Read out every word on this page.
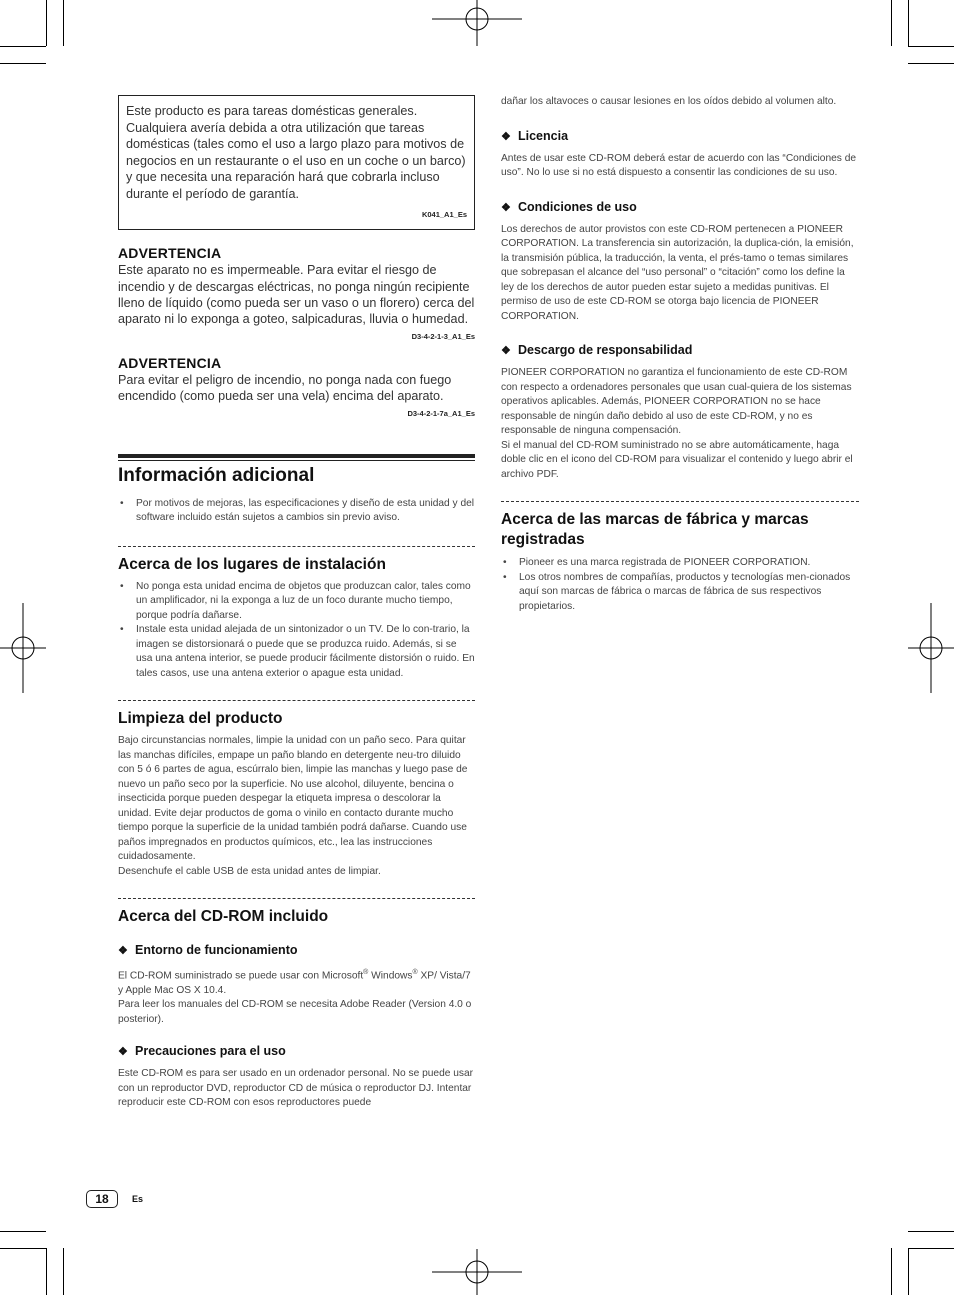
Este producto es para tareas domésticas generales. Cualquiera avería debida a otra utilización que tareas domésticas (tales como el uso a largo plazo para motivos de negocios en un restaurante o el uso en un coche o un barco) y que necesita una reparación hará que cobrarla incluso durante el período de garantía.
K041_A1_Es
ADVERTENCIA
Este aparato no es impermeable. Para evitar el riesgo de incendio y de descargas eléctricas, no ponga ningún recipiente lleno de líquido (como pueda ser un vaso o un florero) cerca del aparato ni lo exponga a goteo, salpicaduras, lluvia o humedad.
D3-4-2-1-3_A1_Es
ADVERTENCIA
Para evitar el peligro de incendio, no ponga nada con fuego encendido (como pueda ser una vela) encima del aparato.
D3-4-2-1-7a_A1_Es
Información adicional
• Por motivos de mejoras, las especificaciones y diseño de esta unidad y del software incluido están sujetos a cambios sin previo aviso.
Acerca de los lugares de instalación
• No ponga esta unidad encima de objetos que produzcan calor, tales como un amplificador, ni la exponga a luz de un foco durante mucho tiempo, porque podría dañarse.
• Instale esta unidad alejada de un sintonizador o un TV. De lo con-trario, la imagen se distorsionará o puede que se produzca ruido. Además, si se usa una antena interior, se puede producir fácilmente distorsión o ruido. En tales casos, use una antena exterior o apague esta unidad.
Limpieza del producto
Bajo circunstancias normales, limpie la unidad con un paño seco. Para quitar las manchas difíciles, empape un paño blando en detergente neu-tro diluido con 5 ó 6 partes de agua, escúrralo bien, limpie las manchas y luego pase de nuevo un paño seco por la superficie. No use alcohol, diluyente, bencina o insecticida porque pueden despegar la etiqueta impresa o descolorar la unidad. Evite dejar productos de goma o vinilo en contacto durante mucho tiempo porque la superficie de la unidad también podrá dañarse. Cuando use paños impregnados en productos químicos, etc., lea las instrucciones cuidadosamente.
Desenchufe el cable USB de esta unidad antes de limpiar.
Acerca del CD-ROM incluido
❖ Entorno de funcionamiento
El CD-ROM suministrado se puede usar con Microsoft® Windows® XP/ Vista/7 y Apple Mac OS X 10.4.
Para leer los manuales del CD-ROM se necesita Adobe Reader (Version 4.0 o posterior).
❖ Precauciones para el uso
Este CD-ROM es para ser usado en un ordenador personal. No se puede usar con un reproductor DVD, reproductor CD de música o reproductor DJ. Intentar reproducir este CD-ROM con esos reproductores puede
dañar los altavoces o causar lesiones en los oídos debido al volumen alto.
❖ Licencia
Antes de usar este CD-ROM deberá estar de acuerdo con las “Condiciones de uso”. No lo use si no está dispuesto a consentir las condiciones de su uso.
❖ Condiciones de uso
Los derechos de autor provistos con este CD-ROM pertenecen a PIONEER CORPORATION. La transferencia sin autorización, la duplica-ción, la emisión, la transmisión pública, la traducción, la venta, el prés-tamo o temas similares que sobrepasan el alcance del “uso personal” o “citación” como los define la ley de los derechos de autor pueden estar sujeto a medidas punitivas. El permiso de uso de este CD-ROM se otorga bajo licencia de PIONEER CORPORATION.
❖ Descargo de responsabilidad
PIONEER CORPORATION no garantiza el funcionamiento de este CD-ROM con respecto a ordenadores personales que usan cual-quiera de los sistemas operativos aplicables. Además, PIONEER CORPORATION no se hace responsable de ningún daño debido al uso de este CD-ROM, y no es responsable de ninguna compensación.
Si el manual del CD-ROM suministrado no se abre automáticamente, haga doble clic en el icono del CD-ROM para visualizar el contenido y luego abrir el archivo PDF.
Acerca de las marcas de fábrica y marcas registradas
• Pioneer es una marca registrada de PIONEER CORPORATION.
• Los otros nombres de compañías, productos y tecnologías men-cionados aquí son marcas de fábrica o marcas de fábrica de sus respectivos propietarios.
18	Es
